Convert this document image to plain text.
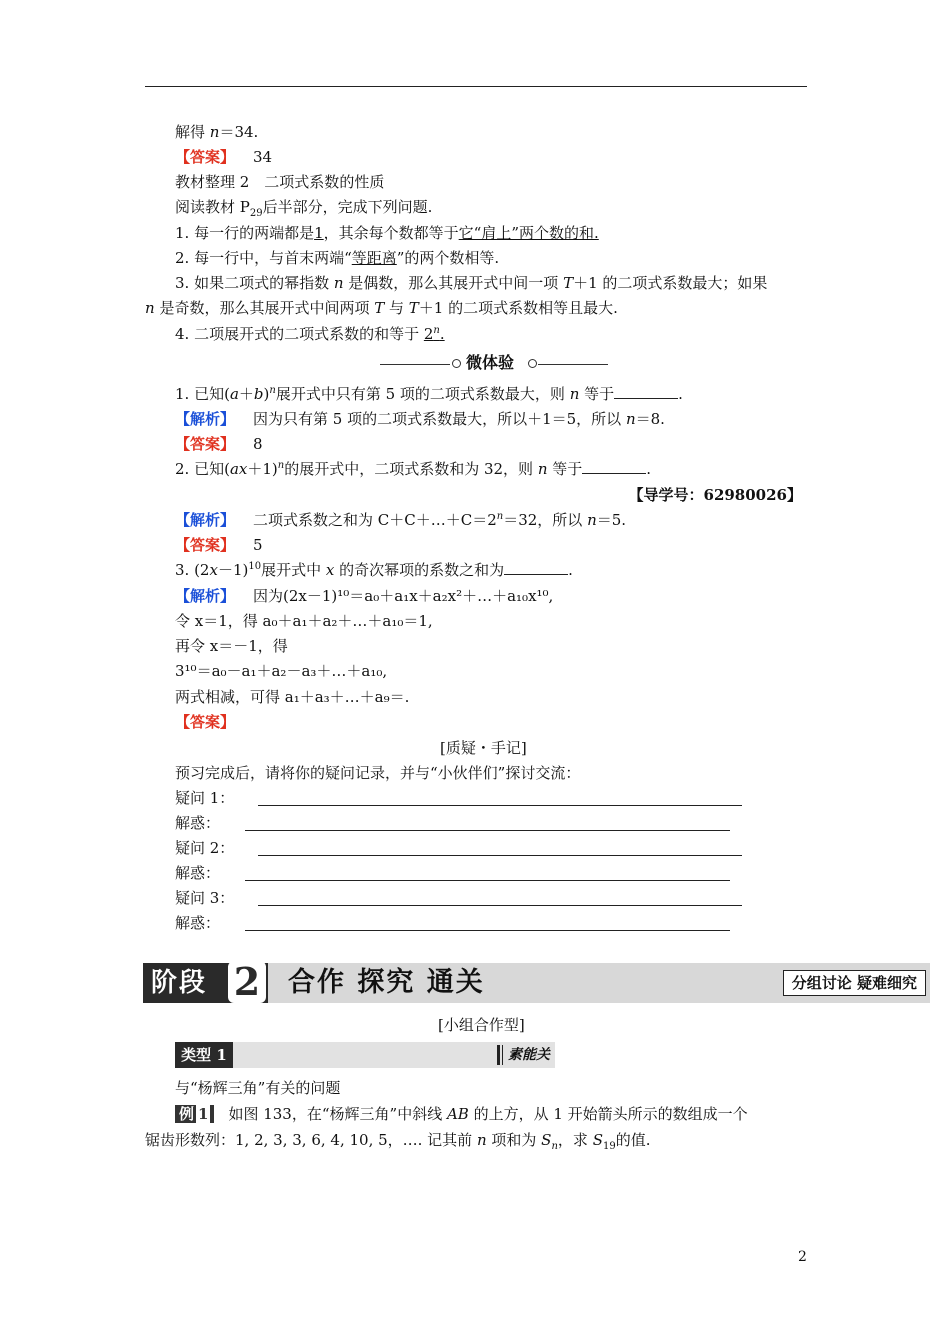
解得 n＝34.
【答案】 34
教材整理 2　二项式系数的性质
阅读教材 $P_{29}$后半部分，完成下列问题.
1. 每一行的两端都是1，其余每个数都等于它“肩上”两个数的和.
2. 每一行中，与首末两端“等距离”的两个数相等.
3. 如果二项式的幂指数 n 是偶数，那么其展开式中间一项 T＋1 的二项式系数最大；如果
n 是奇数，那么其展开式中间两项 T 与 T＋1 的二项式系数相等且最大.
4. 二项展开式的二项式系数的和等于 2$^n$.
微体验
1. 已知$(a+b)^n$展开式中只有第 5 项的二项式系数最大，则 n 等于	.
【解析】 因为只有第 5 项的二项式系数最大，所以＋1＝5，所以 n＝8.
【答案】 8
2. 已知$(ax+1)^n$的展开式中，二项式系数和为 32，则 n 等于	.
【导学号：62980026】
【解析】 二项式系数之和为 $C+C+\dots+C=2^n=32$，所以 n＝5.
【答案】 5
3. $(2x-1)^{10}$展开式中 x 的奇次幂项的系数之和为	.
【解析】 因为(2x－1)¹⁰＝a₀＋a₁x＋a₂x²＋…＋a₁₀x¹⁰,
令 x＝1，得 a₀＋a₁＋a₂＋…＋a₁₀＝1,
再令 x＝－1，得
3¹⁰＝a₀－a₁＋a₂－a₃＋…＋a₁₀,
两式相减，可得 a₁＋a₃＋…＋a₉＝.
【答案】
[质疑・手记]
预习完成后，请将你的疑问记录，并与“小伙伴们”探讨交流：
疑问 1：
解惑：
疑问 2：
解惑：
疑问 3：
解惑：
阶段 2 合作 探究 通关	分组讨论 疑难细究
[小组合作型]
类型 1	素能关
与“杨辉三角”有关的问题
例 1 如图 133，在“杨辉三角”中斜线 AB 的上方，从 1 开始箭头所示的数组成一个
锯齿形数列：1, 2, 3, 3, 6, 4, 10, 5，…. 记其前 n 项和为 $S_n$，求 $S_{19}$的值.
2
